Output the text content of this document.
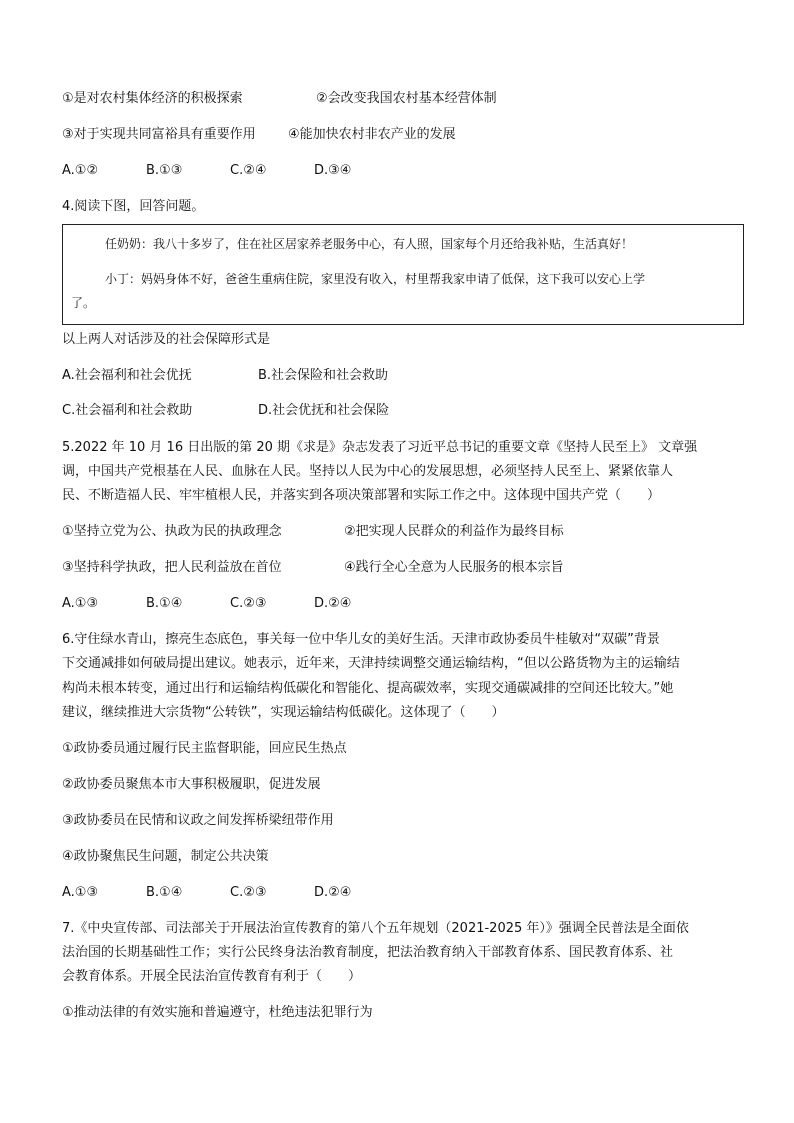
①是对农村集体经济的积极探索	②会改变我国农村基本经营体制
③对于实现共同富裕具有重要作用 ④能加快农村非农产业的发展
A.①②	B.①③	C.②④	D.③④
4.阅读下图，回答问题。
任奶奶：我八十多岁了，住在社区居家养老服务中心，有人照，国家每个月还给我补贴，生活真好！
小丁：妈妈身体不好，爸爸生重病住院，家里没有收入，村里帮我家申请了低保，这下我可以安心上学
了。
以上两人对话涉及的社会保障形式是
A.社会福利和社会优抚	B.社会保险和社会救助
C.社会福利和社会救助	D.社会优抚和社会保险
5.2022 年 10 月 16 日出版的第 20 期《求是》杂志发表了习近平总书记的重要文章《坚持人民至上》 文章强
调，中国共产党根基在人民、血脉在人民。坚持以人民为中心的发展思想，必须坚持人民至上、紧紧依靠人
民、不断造福人民、牢牢植根人民，并落实到各项决策部署和实际工作之中。这体现中国共产党（　　）
①坚持立党为公、执政为民的执政理念	②把实现人民群众的利益作为最终目标
③坚持科学执政，把人民利益放在首位	④践行全心全意为人民服务的根本宗旨
A.①③	B.①④	C.②③	D.②④
6.守住绿水青山，擦亮生态底色，事关每一位中华儿女的美好生活。天津市政协委员牛桂敏对“双碳”背景
下交通减排如何破局提出建议。她表示，近年来，天津持续调整交通运输结构，“但以公路货物为主的运输结
构尚未根本转变，通过出行和运输结构低碳化和智能化、提高碳效率，实现交通碳减排的空间还比较大。”她
建议，继续推进大宗货物“公转铁”，实现运输结构低碳化。这体现了（　　）
①政协委员通过履行民主监督职能，回应民生热点
②政协委员聚焦本市大事积极履职，促进发展
③政协委员在民情和议政之间发挥桥梁纽带作用
④政协聚焦民生问题，制定公共决策
A.①③	B.①④	C.②③	D.②④
7.《中央宣传部、司法部关于开展法治宣传教育的第八个五年规划（2021-2025 年）》强调全民普法是全面依
法治国的长期基础性工作；实行公民终身法治教育制度，把法治教育纳入干部教育体系、国民教育体系、社
会教育体系。开展全民法治宣传教育有利于（　　）
①推动法律的有效实施和普遍遵守，杜绝违法犯罪行为
